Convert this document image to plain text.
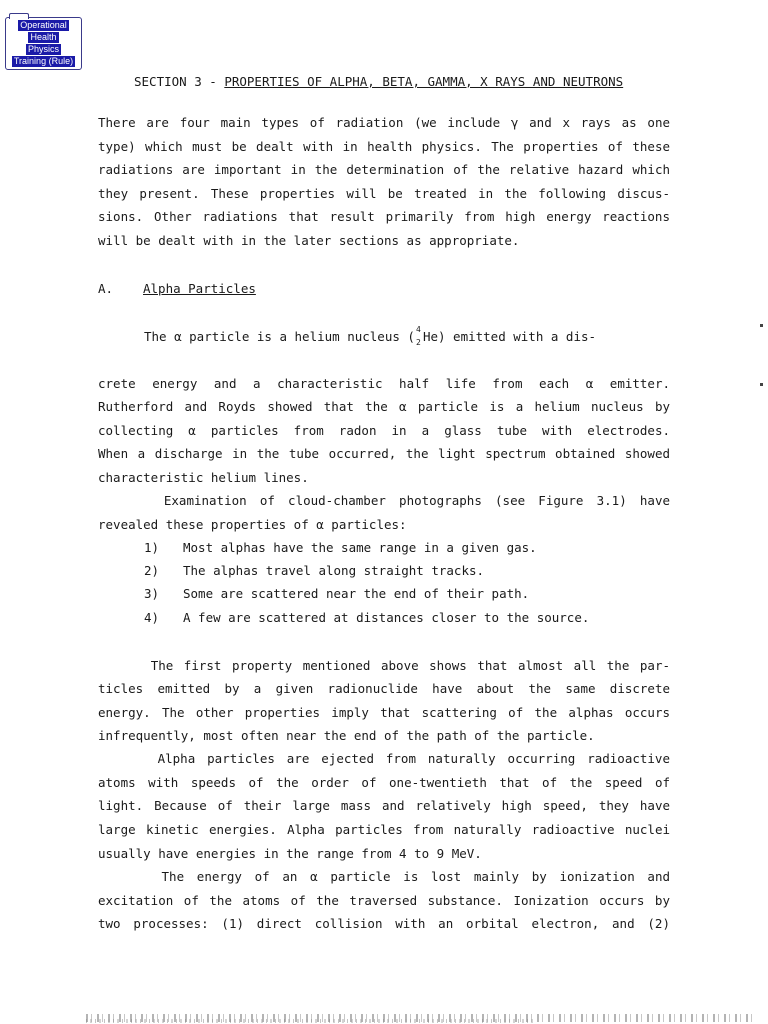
Operational
Health
Physics
Training (Rule)
SECTION 3 - PROPERTIES OF ALPHA, BETA, GAMMA, X RAYS AND NEUTRONS
There are four main types of radiation (we include γ and x rays as one
type) which must be dealt with in health physics. The properties of these
radiations are important in the determination of the relative hazard which
they present. These properties will be treated in the following discus-
sions. Other radiations that result primarily from high energy reactions
will be dealt with in the later sections as appropriate.
A. Alpha Particles
The α particle is a helium nucleus ( 4
2 He) emitted with a dis-
crete energy and a characteristic half life from each α emitter.
Rutherford and Royds showed that the α particle is a helium nucleus by
collecting α particles from radon in a glass tube with electrodes.
When a discharge in the tube occurred, the light spectrum obtained showed
characteristic helium lines.
Examination of cloud-chamber photographs (see Figure 3.1) have
revealed these properties of α particles:
1) Most alphas have the same range in a given gas.
2) The alphas travel along straight tracks.
3) Some are scattered near the end of their path.
4) A few are scattered at distances closer to the source.
The first property mentioned above shows that almost all the par-
ticles emitted by a given radionuclide have about the same discrete
energy. The other properties imply that scattering of the alphas occurs
infrequently, most often near the end of the path of the particle.
Alpha particles are ejected from naturally occurring radioactive
atoms with speeds of the order of one-twentieth that of the speed of
light. Because of their large mass and relatively high speed, they have
large kinetic energies. Alpha particles from naturally radioactive nuclei
usually have energies in the range from 4 to 9 MeV.
The energy of an α particle is lost mainly by ionization and
excitation of the atoms of the traversed substance. Ionization occurs by
two processes: (1) direct collision with an orbital electron, and (2)
